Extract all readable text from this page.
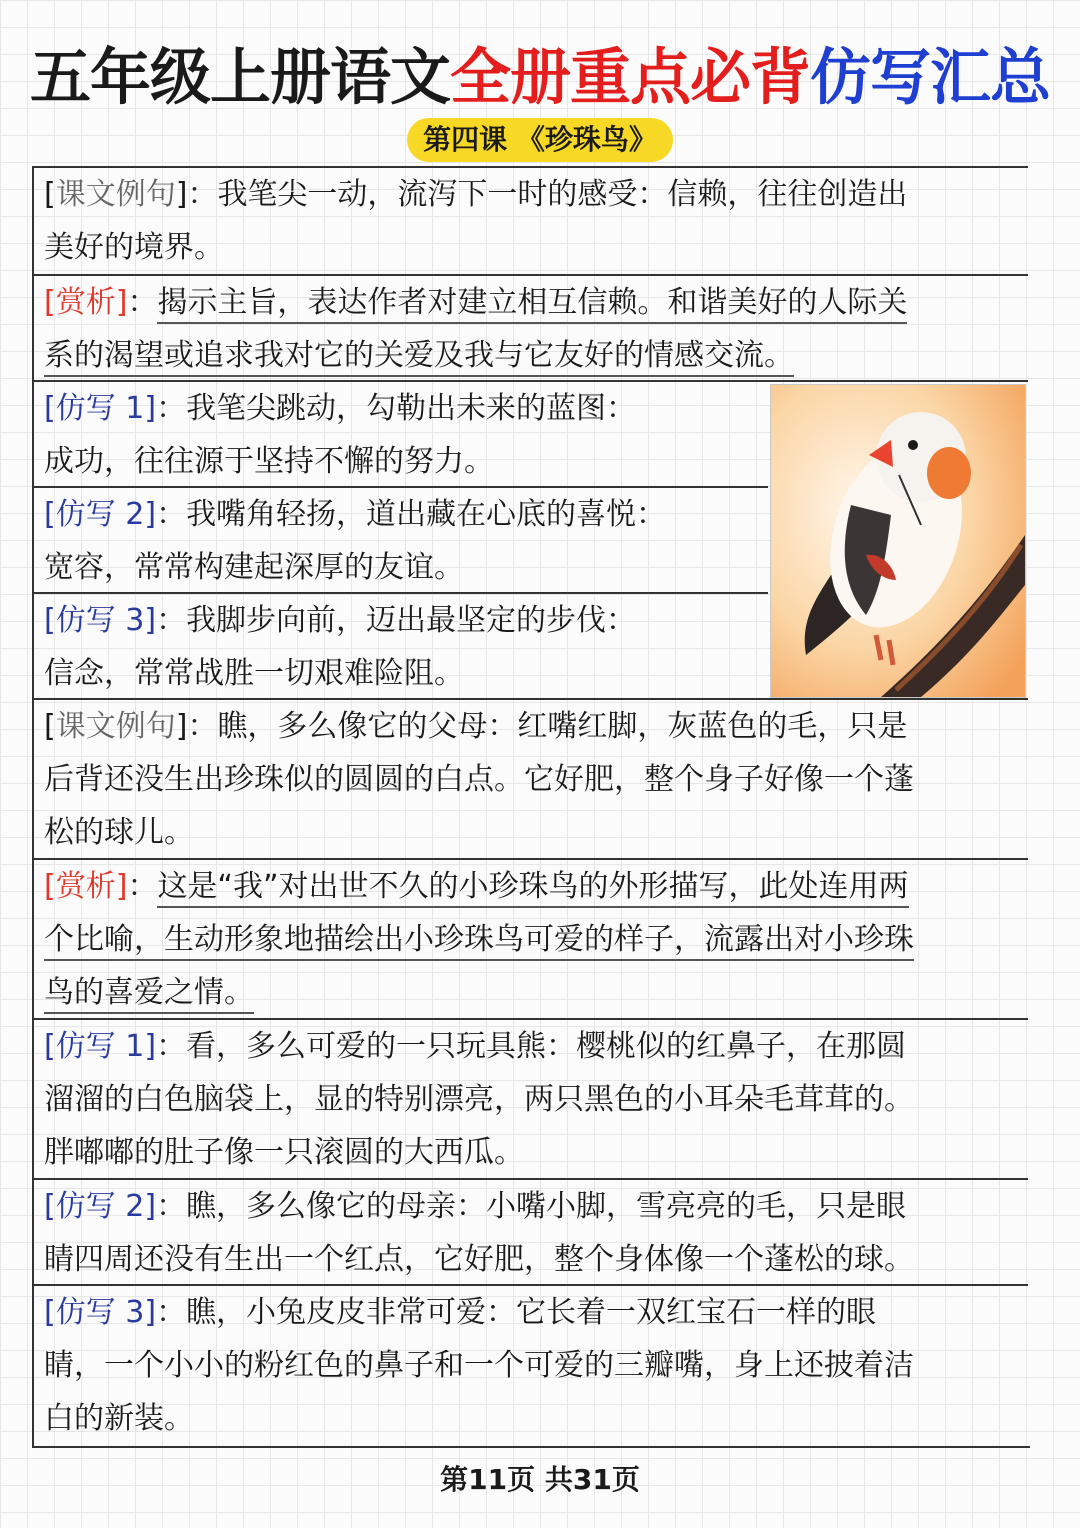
五年级上册语文全册重点必背仿写汇总
第四课 《珍珠鸟》
[课文例句]：我笔尖一动，流泻下一时的感受：信赖，往往创造出
美好的境界。
[赏析]：揭示主旨，表达作者对建立相互信赖。和谐美好的人际关
系的渴望或追求我对它的关爱及我与它友好的情感交流。
[仿写 1]：我笔尖跳动，勾勒出未来的蓝图：
成功，往往源于坚持不懈的努力。
[仿写 2]：我嘴角轻扬，道出藏在心底的喜悦：
宽容，常常构建起深厚的友谊。
[仿写 3]：我脚步向前，迈出最坚定的步伐：
信念，常常战胜一切艰难险阻。
[课文例句]：瞧，多么像它的父母：红嘴红脚，灰蓝色的毛，只是
后背还没生出珍珠似的圆圆的白点。它好肥，整个身子好像一个蓬
松的球儿。
[赏析]：这是“我”对出世不久的小珍珠鸟的外形描写，此处连用两
个比喻，生动形象地描绘出小珍珠鸟可爱的样子，流露出对小珍珠
鸟的喜爱之情。
[仿写 1]：看，多么可爱的一只玩具熊：樱桃似的红鼻子，在那圆
溜溜的白色脑袋上，显的特别漂亮，两只黑色的小耳朵毛茸茸的。
胖嘟嘟的肚子像一只滚圆的大西瓜。
[仿写 2]：瞧，多么像它的母亲：小嘴小脚，雪亮亮的毛，只是眼
睛四周还没有生出一个红点，它好肥，整个身体像一个蓬松的球。
[仿写 3]：瞧，小兔皮皮非常可爱：它长着一双红宝石一样的眼
睛，一个小小的粉红色的鼻子和一个可爱的三瓣嘴，身上还披着洁
白的新装。
第11页 共31页
